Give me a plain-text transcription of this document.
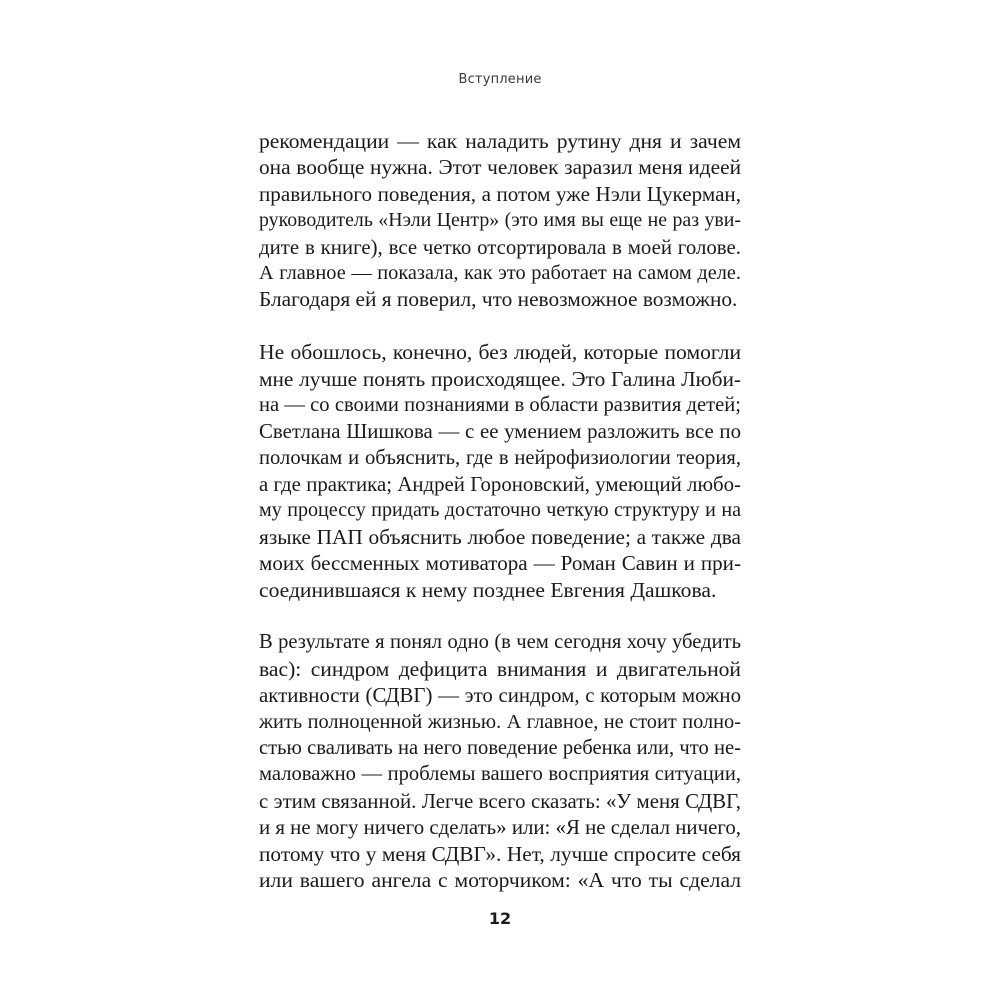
Вступление
рекомендации — как наладить рутину дня и зачем
она вообще нужна. Этот человек заразил меня идеей
правильного поведения, а потом уже Нэли Цукерман,
руководитель «Нэли Центр» (это имя вы еще не раз уви-
дите в книге), все четко отсортировала в моей голове.
А главное — показала, как это работает на самом деле.
Благодаря ей я поверил, что невозможное возможно.
Не обошлось, конечно, без людей, которые помогли
мне лучше понять происходящее. Это Галина Люби-
на — со своими познаниями в области развития детей;
Светлана Шишкова — с ее умением разложить все по
полочкам и объяснить, где в нейрофизиологии теория,
а где практика; Андрей Гороновский, умеющий любо-
му процессу придать достаточно четкую структуру и на
языке ПАП объяснить любое поведение; а также два
моих бессменных мотиватора — Роман Савин и при-
соединившаяся к нему позднее Евгения Дашкова.
В результате я понял одно (в чем сегодня хочу убедить
вас): синдром дефицита внимания и двигательной
активности (СДВГ) — это синдром, с которым можно
жить полноценной жизнью. А главное, не стоит полно-
стью сваливать на него поведение ребенка или, что не-
маловажно — проблемы вашего восприятия ситуации,
с этим связанной. Легче всего сказать: «У меня СДВГ,
и я не могу ничего сделать» или: «Я не сделал ничего,
потому что у меня СДВГ». Нет, лучше спросите себя
или вашего ангела с моторчиком: «А что ты сделал
12
